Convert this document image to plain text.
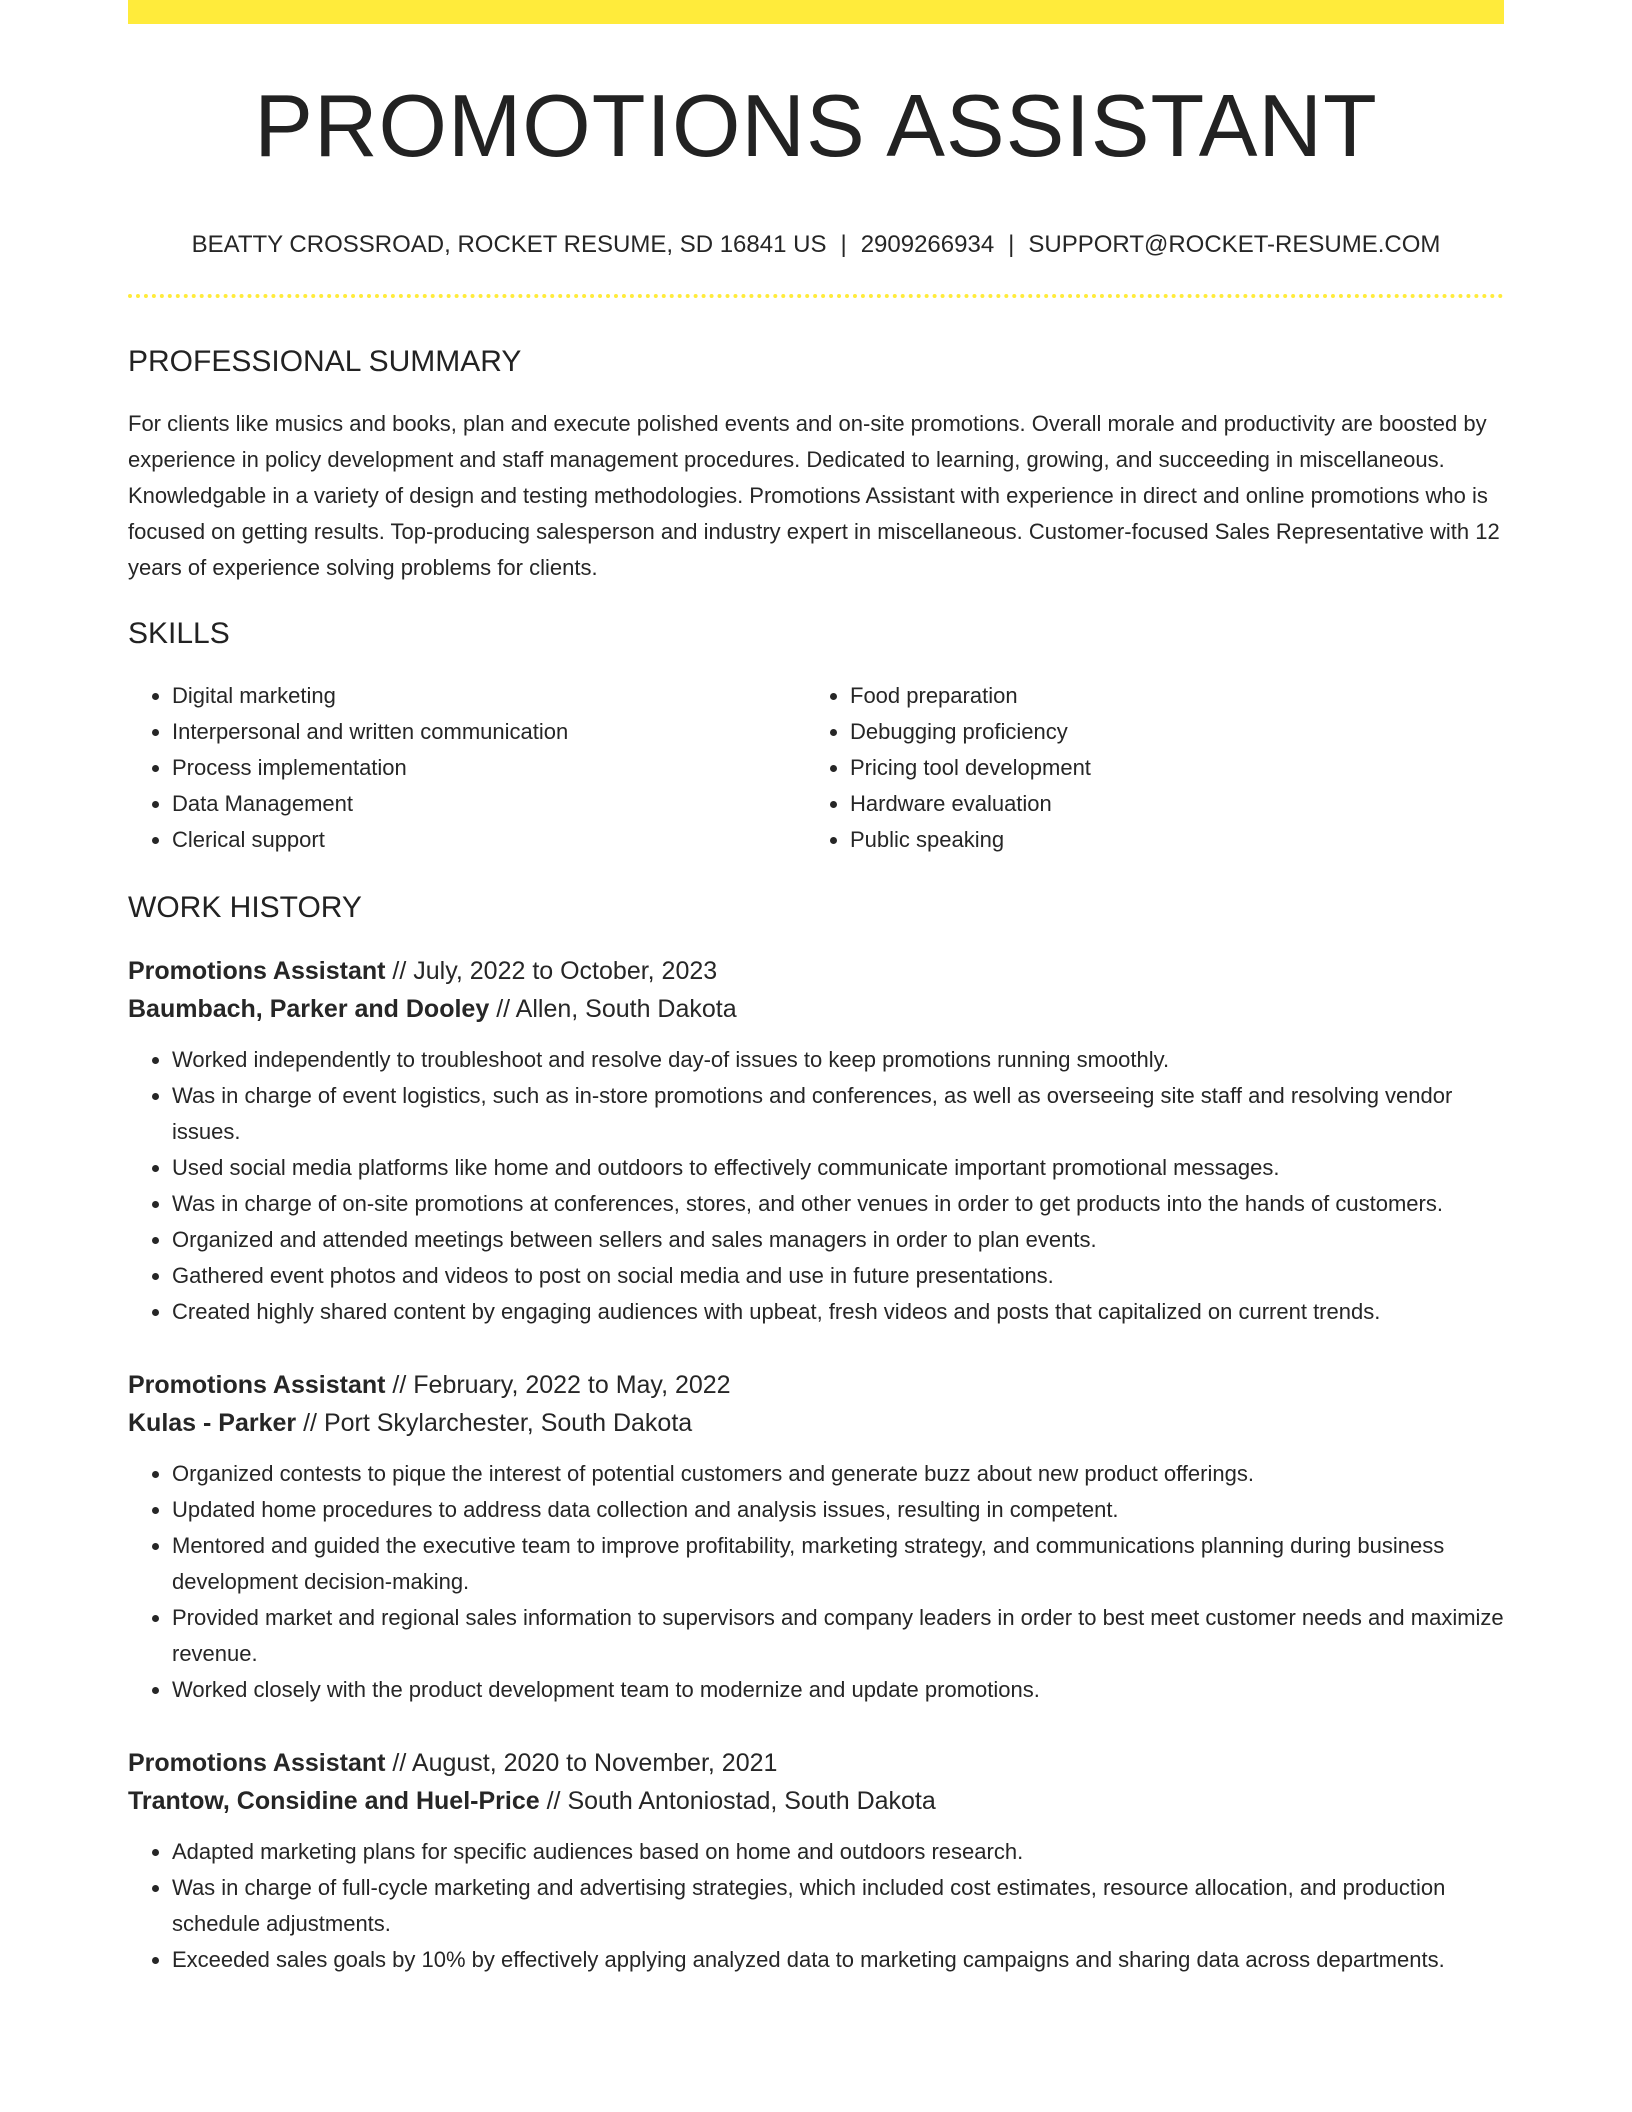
PROMOTIONS ASSISTANT
BEATTY CROSSROAD, ROCKET RESUME, SD 16841 US | 2909266934 | SUPPORT@ROCKET-RESUME.COM
PROFESSIONAL SUMMARY

For clients like musics and books, plan and execute polished events and on-site promotions. Overall morale and productivity are boosted by experience in policy development and staff management procedures. Dedicated to learning, growing, and succeeding in miscellaneous. Knowledgable in a variety of design and testing methodologies. Promotions Assistant with experience in direct and online promotions who is focused on getting results. Top-producing salesperson and industry expert in miscellaneous. Customer-focused Sales Representative with 12 years of experience solving problems for clients.

SKILLS
• Digital marketing
• Interpersonal and written communication
• Process implementation
• Data Management
• Clerical support
• Food preparation
• Debugging proficiency
• Pricing tool development
• Hardware evaluation
• Public speaking
WORK HISTORY
Promotions Assistant // July, 2022 to October, 2023
Baumbach, Parker and Dooley // Allen, South Dakota
• Worked independently to troubleshoot and resolve day-of issues to keep promotions running smoothly.
• Was in charge of event logistics, such as in-store promotions and conferences, as well as overseeing site staff and resolving vendor issues.
• Used social media platforms like home and outdoors to effectively communicate important promotional messages.
• Was in charge of on-site promotions at conferences, stores, and other venues in order to get products into the hands of customers.
• Organized and attended meetings between sellers and sales managers in order to plan events.
• Gathered event photos and videos to post on social media and use in future presentations.
• Created highly shared content by engaging audiences with upbeat, fresh videos and posts that capitalized on current trends.
Promotions Assistant // February, 2022 to May, 2022
Kulas - Parker // Port Skylarchester, South Dakota
• Organized contests to pique the interest of potential customers and generate buzz about new product offerings.
• Updated home procedures to address data collection and analysis issues, resulting in competent.
• Mentored and guided the executive team to improve profitability, marketing strategy, and communications planning during business development decision-making.
• Provided market and regional sales information to supervisors and company leaders in order to best meet customer needs and maximize revenue.
• Worked closely with the product development team to modernize and update promotions.
Promotions Assistant // August, 2020 to November, 2021
Trantow, Considine and Huel-Price // South Antoniostad, South Dakota
• Adapted marketing plans for specific audiences based on home and outdoors research.
• Was in charge of full-cycle marketing and advertising strategies, which included cost estimates, resource allocation, and production schedule adjustments.
• Exceeded sales goals by 10% by effectively applying analyzed data to marketing campaigns and sharing data across departments.
